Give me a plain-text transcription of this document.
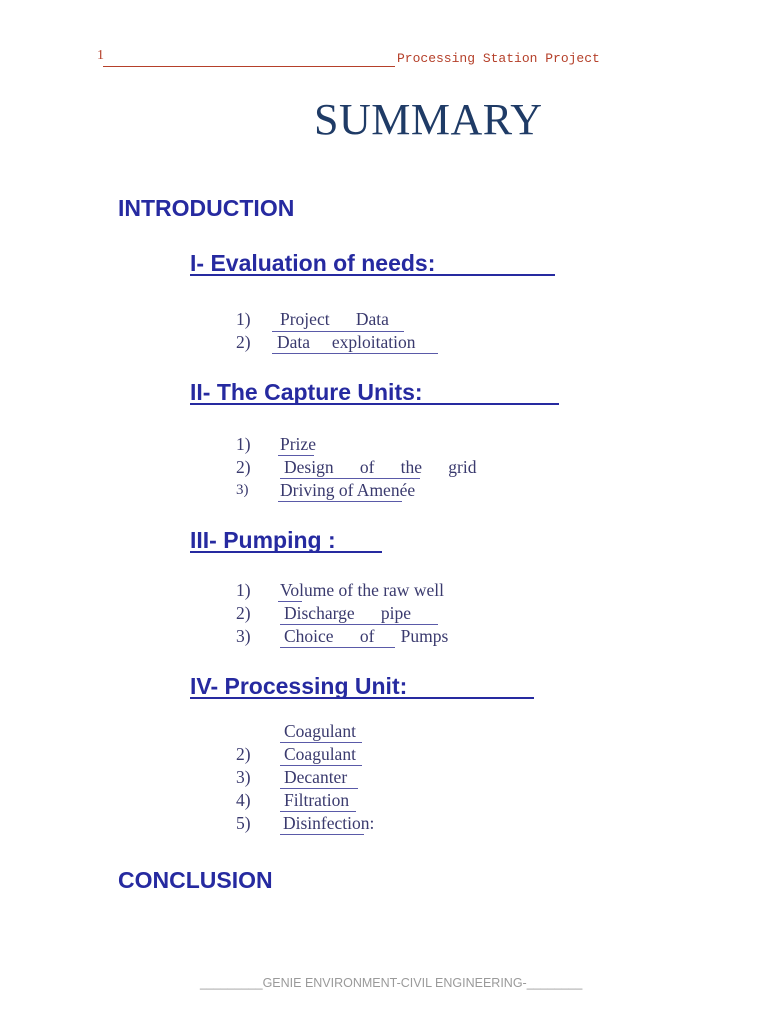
1	Processing Station Project
SUMMARY
INTRODUCTION
I- Evaluation of needs:
1) Project      Data
2) Data     exploitation
II- The Capture Units:
1) Prize
2) Design      of      the      grid
3) Driving of Amenée
III- Pumping :
1) Volume of the raw well
2) Discharge      pipe
3) Choice      of      Pumps
IV- Processing Unit:
Coagulant
2) Coagulant
3) Decanter
4) Filtration
5) Disinfection:
CONCLUSION
_________GENIE ENVIRONMENT-CIVIL ENGINEERING-________
